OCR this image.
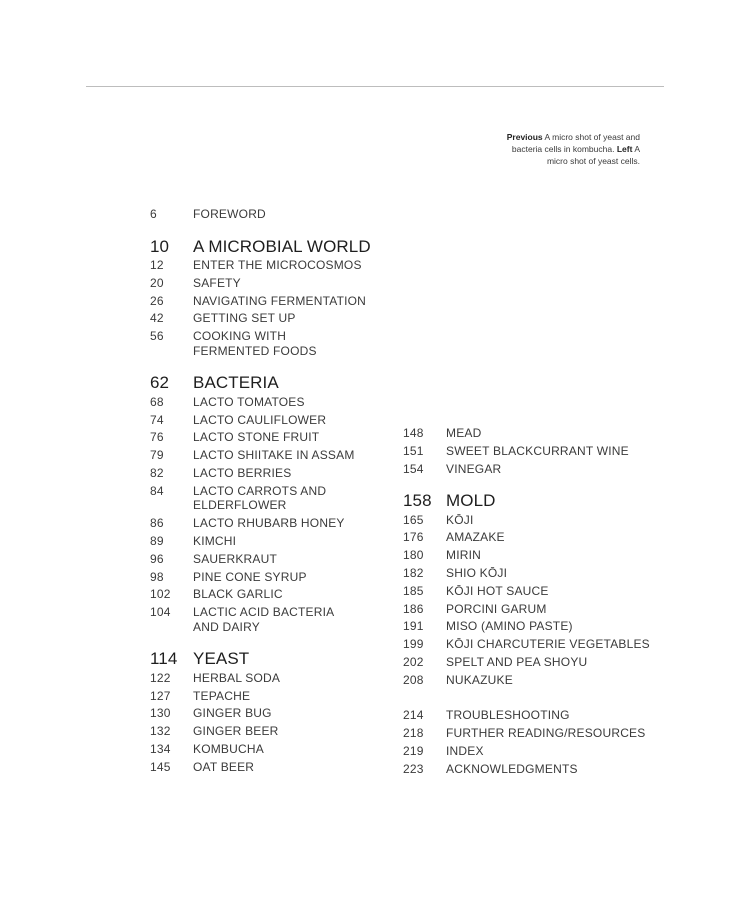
Previous A micro shot of yeast and bacteria cells in kombucha. Left A micro shot of yeast cells.
6	FOREWORD
10	A MICROBIAL WORLD
12	ENTER THE MICROCOSMOS
20	SAFETY
26	NAVIGATING FERMENTATION
42	GETTING SET UP
56	COOKING WITH
FERMENTED FOODS
62	BACTERIA
68	LACTO TOMATOES
74	LACTO CAULIFLOWER
76	LACTO STONE FRUIT
79	LACTO SHIITAKE IN ASSAM
82	LACTO BERRIES
84	LACTO CARROTS AND
ELDERFLOWER
86	LACTO RHUBARB HONEY
89	KIMCHI
96	SAUERKRAUT
98	PINE CONE SYRUP
102	BLACK GARLIC
104	LACTIC ACID BACTERIA
AND DAIRY
114 YEAST
122	HERBAL SODA
127	TEPACHE
130	GINGER BUG
132	GINGER BEER
134	KOMBUCHA
145	OAT BEER
148	MEAD
151	SWEET BLACKCURRANT WINE
154	VINEGAR
158 MOLD
165	KŌJI
176	AMAZAKE
180	MIRIN
182	SHIO KŌJI
185	KŌJI HOT SAUCE
186	PORCINI GARUM
191	MISO (AMINO PASTE)
199	KŌJI CHARCUTERIE VEGETABLES
202	SPELT AND PEA SHOYU
208	NUKAZUKE
214	TROUBLESHOOTING
218	FURTHER READING/RESOURCES
219	INDEX
223	ACKNOWLEDGMENTS
